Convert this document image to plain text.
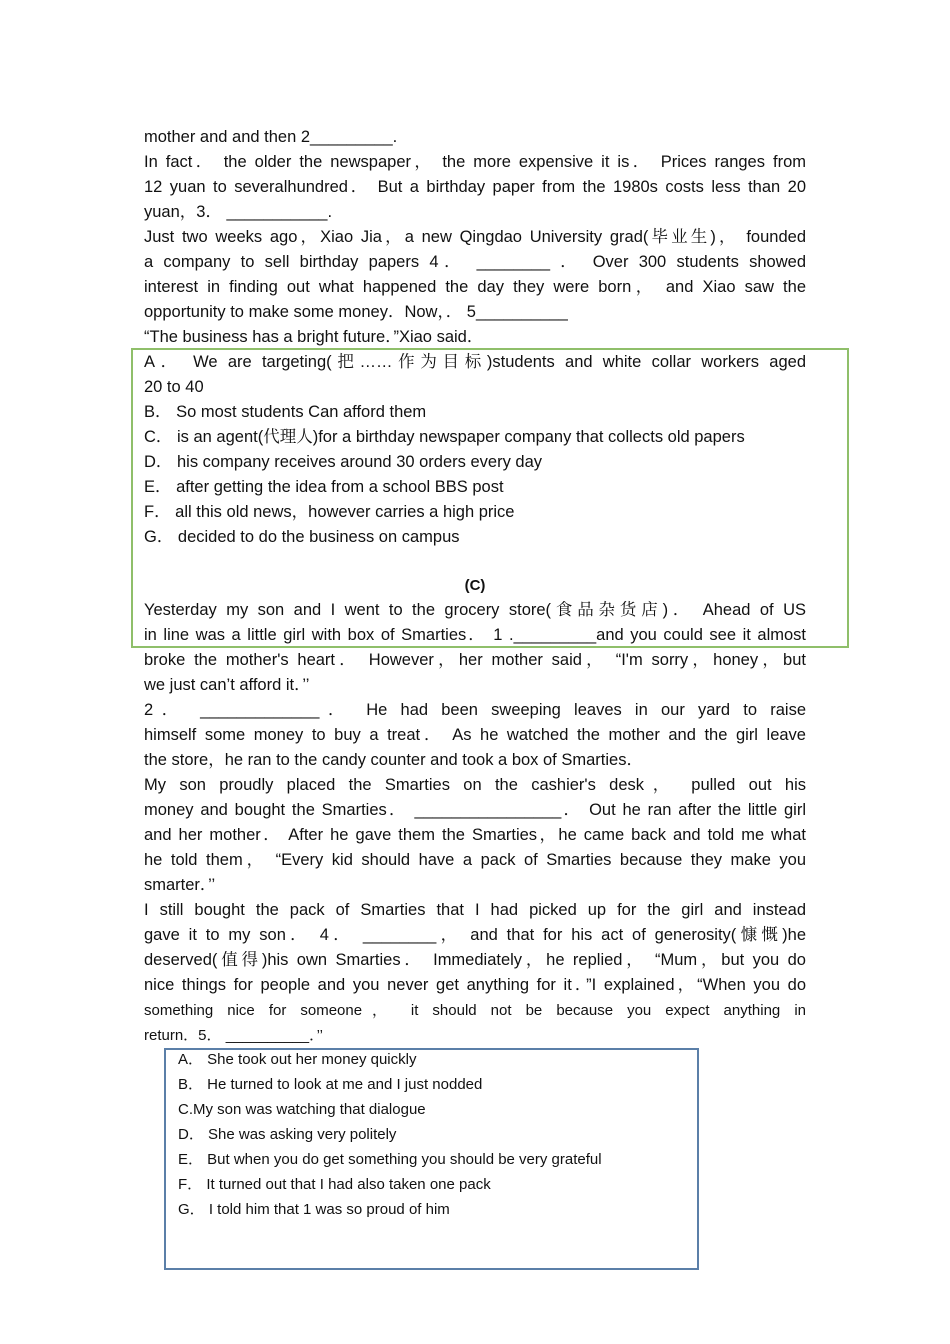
mother and and then 2_________.
In fact． the older the newspaper， the more expensive it is． Prices ranges from
12 yuan to severalhundred． But a birthday paper from the 1980s costs less than 20
yuan，3． ___________.
Just two weeks ago，Xiao Jia，a new Qingdao University grad(毕业生)， founded
a company to sell birthday papers 4． ________ ． Over 300 students showed
interest in finding out what happened the day they were born， and Xiao saw the
opportunity to make some money．Now，． 5__________
“The business has a bright future．”Xiao said．
A． We are targeting(把……作为目标)students and white collar workers aged
20 to 40
B． So most students Can afford them
C． is an agent(代理人)for a birthday newspaper company that collects old papers
D． his company receives around 30 orders every day
E． after getting the idea from a school BBS post
F． all this old news，however carries a high price
G． decided to do the business on campus
(C)
Yesterday my son and I went to the grocery store(食品杂货店)． Ahead of US
in line was a little girl with box of Smarties． 1 ._________and you could see it almost
broke the mother's heart． However，her mother said， “I'm sorry，honey，but
we just can’t afford it．’’
2． _____________． He had been sweeping leaves in our yard to raise
himself some money to buy a treat． As he watched the mother and the girl leave
the store，he ran to the candy counter and took a box of Smarties．
My son proudly placed the Smarties on the cashier's desk， pulled out his
money and bought the Smarties． ________________． Out he ran after the little girl
and her mother． After he gave them the Smarties，he came back and told me what
he told them， “Every kid should have a pack of Smarties because they make you
smarter．’’
I still bought the pack of Smarties that I had picked up for the girl and instead
gave it to my son． 4． ________， and that for his act of generosity(慷慨)he
deserved(值得)his own Smarties． Immediately，he replied， “Mum，but you do
nice things for people and you never get anything for it．”I explained，“When you do
something nice for someone， it should not be because you expect anything in
return．5． __________．’’
A． She took out her money quickly
B． He turned to look at me and I just nodded
C.My son was watching that dialogue
D． She was asking very politely
E． But when you do get something you should be very grateful
F． It turned out that I had also taken one pack
G． I told him that 1 was so proud of him
